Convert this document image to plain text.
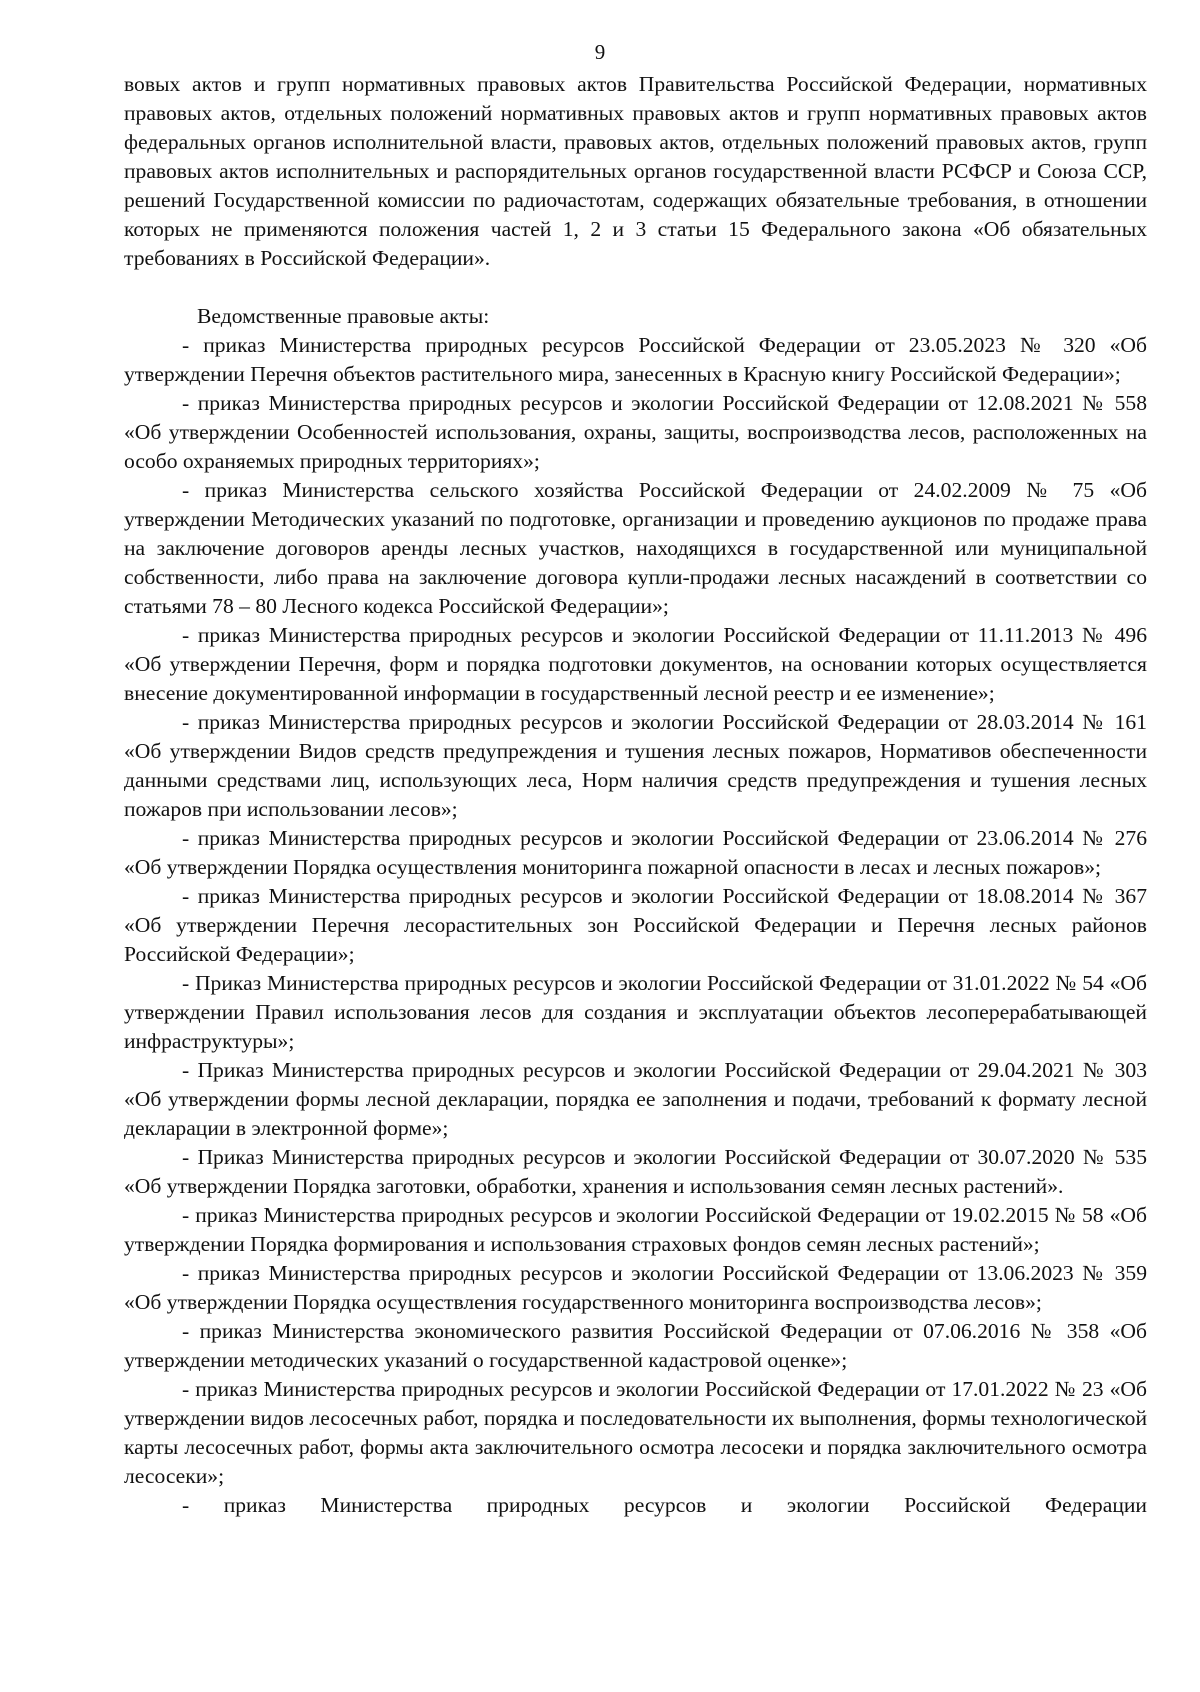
9

вовых актов и групп нормативных правовых актов Правительства Российской Федерации, нормативных правовых актов, отдельных положений нормативных правовых актов и групп нормативных правовых актов федеральных органов исполнительной власти, правовых актов, отдельных положений правовых актов, групп правовых актов исполнительных и распорядительных органов государственной власти РСФСР и Союза ССР, решений Государственной комиссии по радиочастотам, содержащих обязательные требования, в отношении которых не применяются положения частей 1, 2 и 3 статьи 15 Федерального закона «Об обязательных требованиях в Российской Федерации».

Ведомственные правовые акты:

- приказ Министерства природных ресурсов Российской Федерации от 23.05.2023 № 320 «Об утверждении Перечня объектов растительного мира, занесенных в Красную книгу Российской Федерации»;

- приказ Министерства природных ресурсов и экологии Российской Федерации от 12.08.2021 № 558 «Об утверждении Особенностей использования, охраны, защиты, воспроизводства лесов, расположенных на особо охраняемых природных территориях»;

- приказ Министерства сельского хозяйства Российской Федерации от 24.02.2009 № 75 «Об утверждении Методических указаний по подготовке, организации и проведению аукционов по продаже права на заключение договоров аренды лесных участков, находящихся в государственной или муниципальной собственности, либо права на заключение договора купли-продажи лесных насаждений в соответствии со статьями 78 – 80 Лесного кодекса Российской Федерации»;

- приказ Министерства природных ресурсов и экологии Российской Федерации от 11.11.2013 № 496 «Об утверждении Перечня, форм и порядка подготовки документов, на основании которых осуществляется внесение документированной информации в государственный лесной реестр и ее изменение»;

- приказ Министерства природных ресурсов и экологии Российской Федерации от 28.03.2014 № 161 «Об утверждении Видов средств предупреждения и тушения лесных пожаров, Нормативов обеспеченности данными средствами лиц, использующих леса, Норм наличия средств предупреждения и тушения лесных пожаров при использовании лесов»;

- приказ Министерства природных ресурсов и экологии Российской Федерации от 23.06.2014 № 276 «Об утверждении Порядка осуществления мониторинга пожарной опасности в лесах и лесных пожаров»;

- приказ Министерства природных ресурсов и экологии Российской Федерации от 18.08.2014 № 367 «Об утверждении Перечня лесорастительных зон Российской Федерации и Перечня лесных районов Российской Федерации»;

- Приказ Министерства природных ресурсов и экологии Российской Федерации от 31.01.2022 № 54 «Об утверждении Правил использования лесов для создания и эксплуатации объектов лесоперерабатывающей инфраструктуры»;

- Приказ Министерства природных ресурсов и экологии Российской Федерации от 29.04.2021 № 303 «Об утверждении формы лесной декларации, порядка ее заполнения и подачи, требований к формату лесной декларации в электронной форме»;

- Приказ Министерства природных ресурсов и экологии Российской Федерации от 30.07.2020 № 535 «Об утверждении Порядка заготовки, обработки, хранения и использования семян лесных растений».

- приказ Министерства природных ресурсов и экологии Российской Федерации от 19.02.2015 № 58 «Об утверждении Порядка формирования и использования страховых фондов семян лесных растений»;

- приказ Министерства природных ресурсов и экологии Российской Федерации от 13.06.2023 № 359 «Об утверждении Порядка осуществления государственного мониторинга воспроизводства лесов»;

- приказ Министерства экономического развития Российской Федерации от 07.06.2016 № 358 «Об утверждении методических указаний о государственной кадастровой оценке»;

- приказ Министерства природных ресурсов и экологии Российской Федерации от 17.01.2022 № 23 «Об утверждении видов лесосечных работ, порядка и последовательности их выполнения, формы технологической карты лесосечных работ, формы акта заключительного осмотра лесосеки и порядка заключительного осмотра лесосеки»;

- приказ Министерства природных ресурсов и экологии Российской Федерации
